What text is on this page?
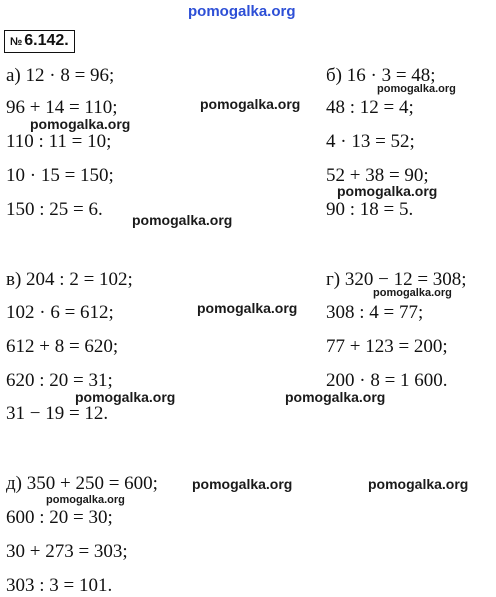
pomogalka.org
№ 6.142.
а) 12 · 8 = 96;
96 + 14 = 110;
110 : 11 = 10;
10 · 15 = 150;
150 : 25 = 6.
б) 16 · 3 = 48;
48 : 12 = 4;
4 · 13 = 52;
52 + 38 = 90;
90 : 18 = 5.
в) 204 : 2 = 102;
102 · 6 = 612;
612 + 8 = 620;
620 : 20 = 31;
31 − 19 = 12.
г) 320 − 12 = 308;
308 : 4 = 77;
77 + 123 = 200;
200 · 8 = 1 600.
д) 350 + 250 = 600;
600 : 20 = 30;
30 + 273 = 303;
303 : 3 = 101.
pomogalka.org
pomogalka.org
pomogalka.org
pomogalka.org
pomogalka.org
pomogalka.org
pomogalka.org
pomogalka.org	pomogalka.org
pomogalka.org	pomogalka.org
pomogalka.org
